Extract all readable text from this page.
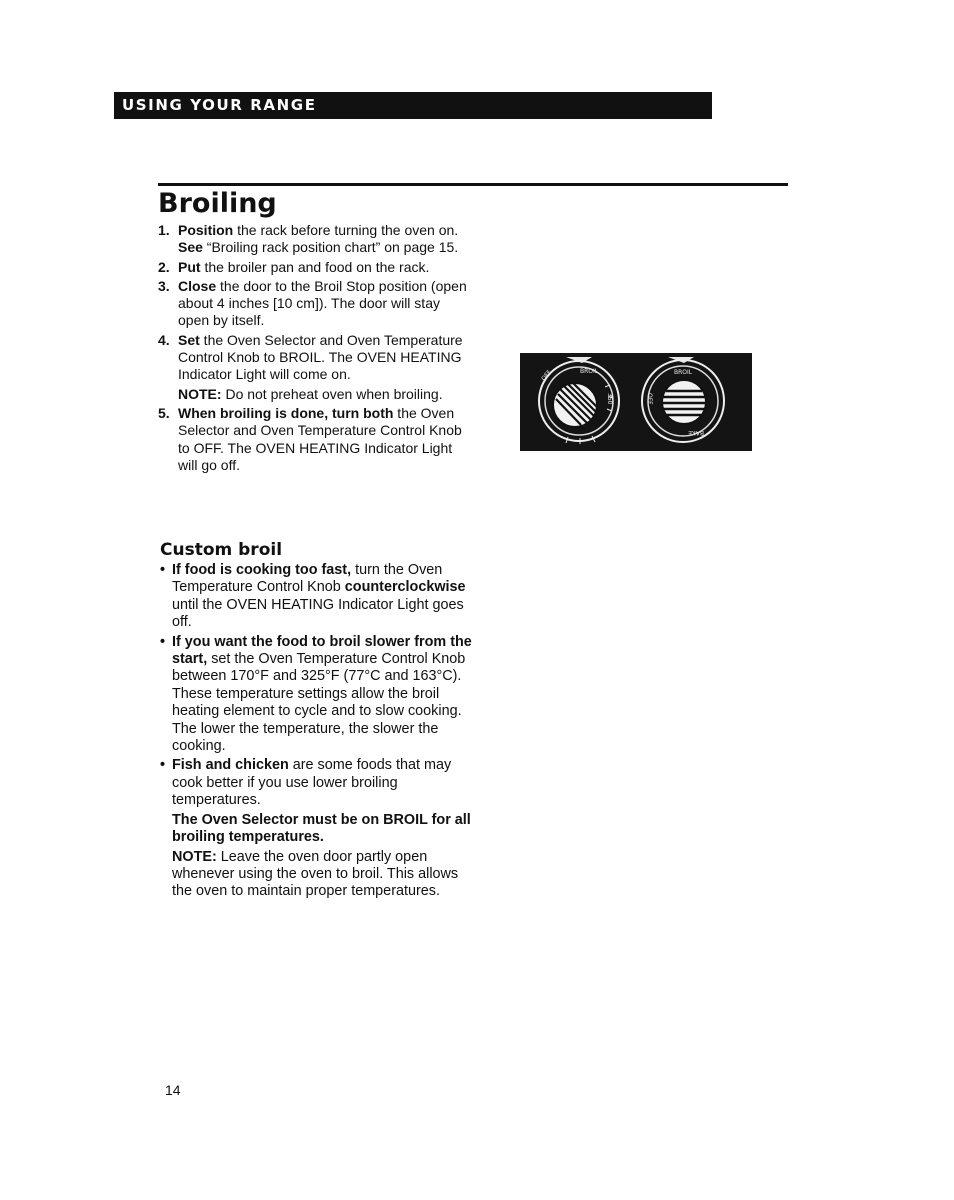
USING YOUR RANGE
Broiling
1. Position the rack before turning the oven on. See “Broiling rack position chart” on page 15.
2. Put the broiler pan and food on the rack.
3. Close the door to the Broil Stop position (open about 4 inches [10 cm]). The door will stay open by itself.
4. Set the Oven Selector and Oven Temperature Control Knob to BROIL. The OVEN HEATING Indicator Light will come on.
NOTE: Do not preheat oven when broiling.
5. When broiling is done, turn both the Oven Selector and Oven Temperature Control Knob to OFF. The OVEN HEATING Indicator Light will go off.
Custom broil
• If food is cooking too fast, turn the Oven Temperature Control Knob counterclockwise until the OVEN HEATING Indicator Light goes off.
• If you want the food to broil slower from the start, set the Oven Temperature Control Knob between 170°F and 325°F (77°C and 163°C). These temperature settings allow the broil heating element to cycle and to slow cooking. The lower the temperature, the slower the cooking.
• Fish and chicken are some foods that may cook better if you use lower broiling temperatures.
The Oven Selector must be on BROIL for all broiling temperatures.
NOTE: Leave the oven door partly open whenever using the oven to broil. This allows the oven to maintain proper temperatures.
BROIL
OFF
350
BROIL
OFF
BAKE
14
